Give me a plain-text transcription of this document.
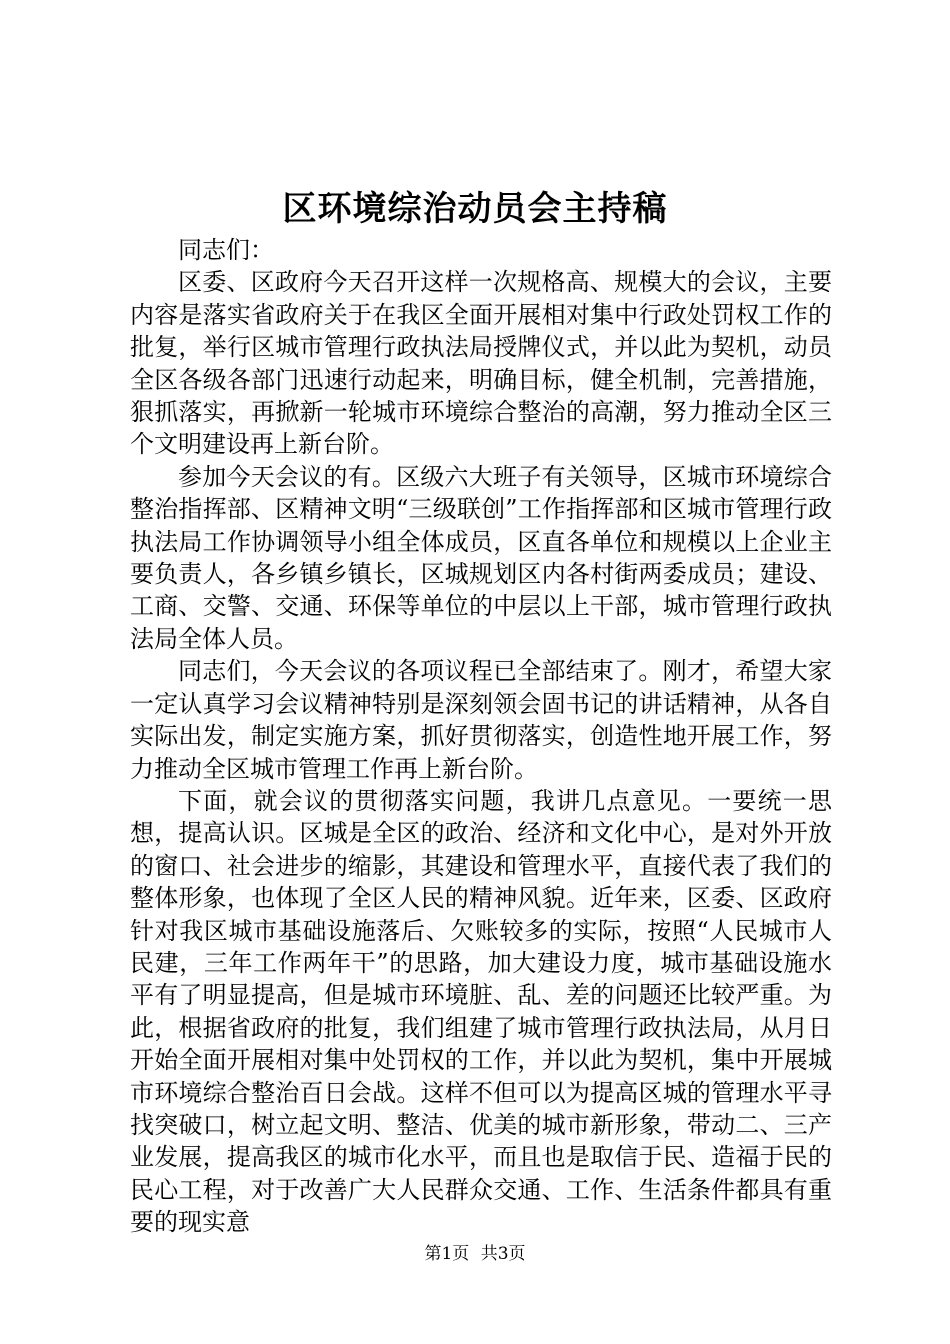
区环境综治动员会主持稿

同志们：

区委、区政府今天召开这样一次规格高、规模大的会议，主要内容是落实省政府关于在我区全面开展相对集中行政处罚权工作的批复，举行区城市管理行政执法局授牌仪式，并以此为契机，动员全区各级各部门迅速行动起来，明确目标，健全机制，完善措施，狠抓落实，再掀新一轮城市环境综合整治的高潮，努力推动全区三个文明建设再上新台阶。

参加今天会议的有。区级六大班子有关领导，区城市环境综合整治指挥部、区精神文明“三级联创”工作指挥部和区城市管理行政执法局工作协调领导小组全体成员，区直各单位和规模以上企业主要负责人，各乡镇乡镇长，区城规划区内各村街两委成员；建设、工商、交警、交通、环保等单位的中层以上干部，城市管理行政执法局全体人员。

同志们，今天会议的各项议程已全部结束了。刚才，希望大家一定认真学习会议精神特别是深刻领会固书记的讲话精神，从各自实际出发，制定实施方案，抓好贯彻落实，创造性地开展工作，努力推动全区城市管理工作再上新台阶。

下面，就会议的贯彻落实问题，我讲几点意见。一要统一思想，提高认识。区城是全区的政治、经济和文化中心，是对外开放的窗口、社会进步的缩影，其建设和管理水平，直接代表了我们的整体形象，也体现了全区人民的精神风貌。近年来，区委、区政府针对我区城市基础设施落后、欠账较多的实际，按照“人民城市人民建，三年工作两年干”的思路，加大建设力度，城市基础设施水平有了明显提高，但是城市环境脏、乱、差的问题还比较严重。为此，根据省政府的批复，我们组建了城市管理行政执法局，从月日开始全面开展相对集中处罚权的工作，并以此为契机，集中开展城市环境综合整治百日会战。这样不但可以为提高区城的管理水平寻找突破口，树立起文明、整洁、优美的城市新形象，带动二、三产业发展，提高我区的城市化水平，而且也是取信于民、造福于民的民心工程，对于改善广大人民群众交通、工作、生活条件都具有重要的现实意

第1页 共3页
